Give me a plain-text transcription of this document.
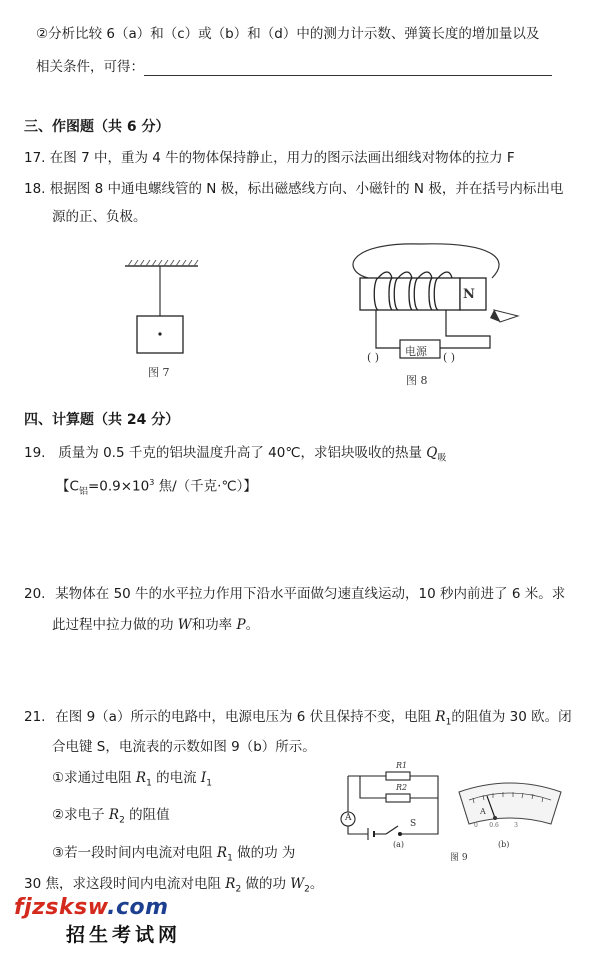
②分析比较 6（a）和（c）或（b）和（d）中的测力计示数、弹簧长度的增加量以及
相关条件，可得：
三、作图题（共 6 分）
17. 在图 7 中，重为 4 牛的物体保持静止，用力的图示法画出细线对物体的拉力 F
18. 根据图 8 中通电螺线管的 N 极，标出磁感线方向、小磁针的 N 极，并在括号内标出电
源的正、负极。
图 7
N
电源
( )	( )
图 8
四、计算题（共 24 分）
19. 质量为 0.5 千克的铝块温度升高了 40℃，求铝块吸收的热量 $Q_吸$
【$C_铝=0.9\times 10^3$ 焦/（千克·℃）】
20. 某物体在 50 牛的水平拉力作用下沿水平面做匀速直线运动，10 秒内前进了 6 米。求
此过程中拉力做的功 W和功率 P。
21. 在图 9（a）所示的电路中，电源电压为 6 伏且保持不变，电阻 $R_1$的阻值为 30 欧。闭
合电键 S，电流表的示数如图 9（b）所示。
①求通过电阻 $R_1$ 的电流 $I_1$
②求电子 $R_2$ 的阻值
③若一段时间内电流对电阻 $R_1$ 做的功 为
30 焦，求这段时间内电流对电阻 $R_2$ 做的功 $W_2$。
R1
R2
A
S
(a)
图 9
A
0 0.6	3
(b)
fjzsksw.com
招生考试网
